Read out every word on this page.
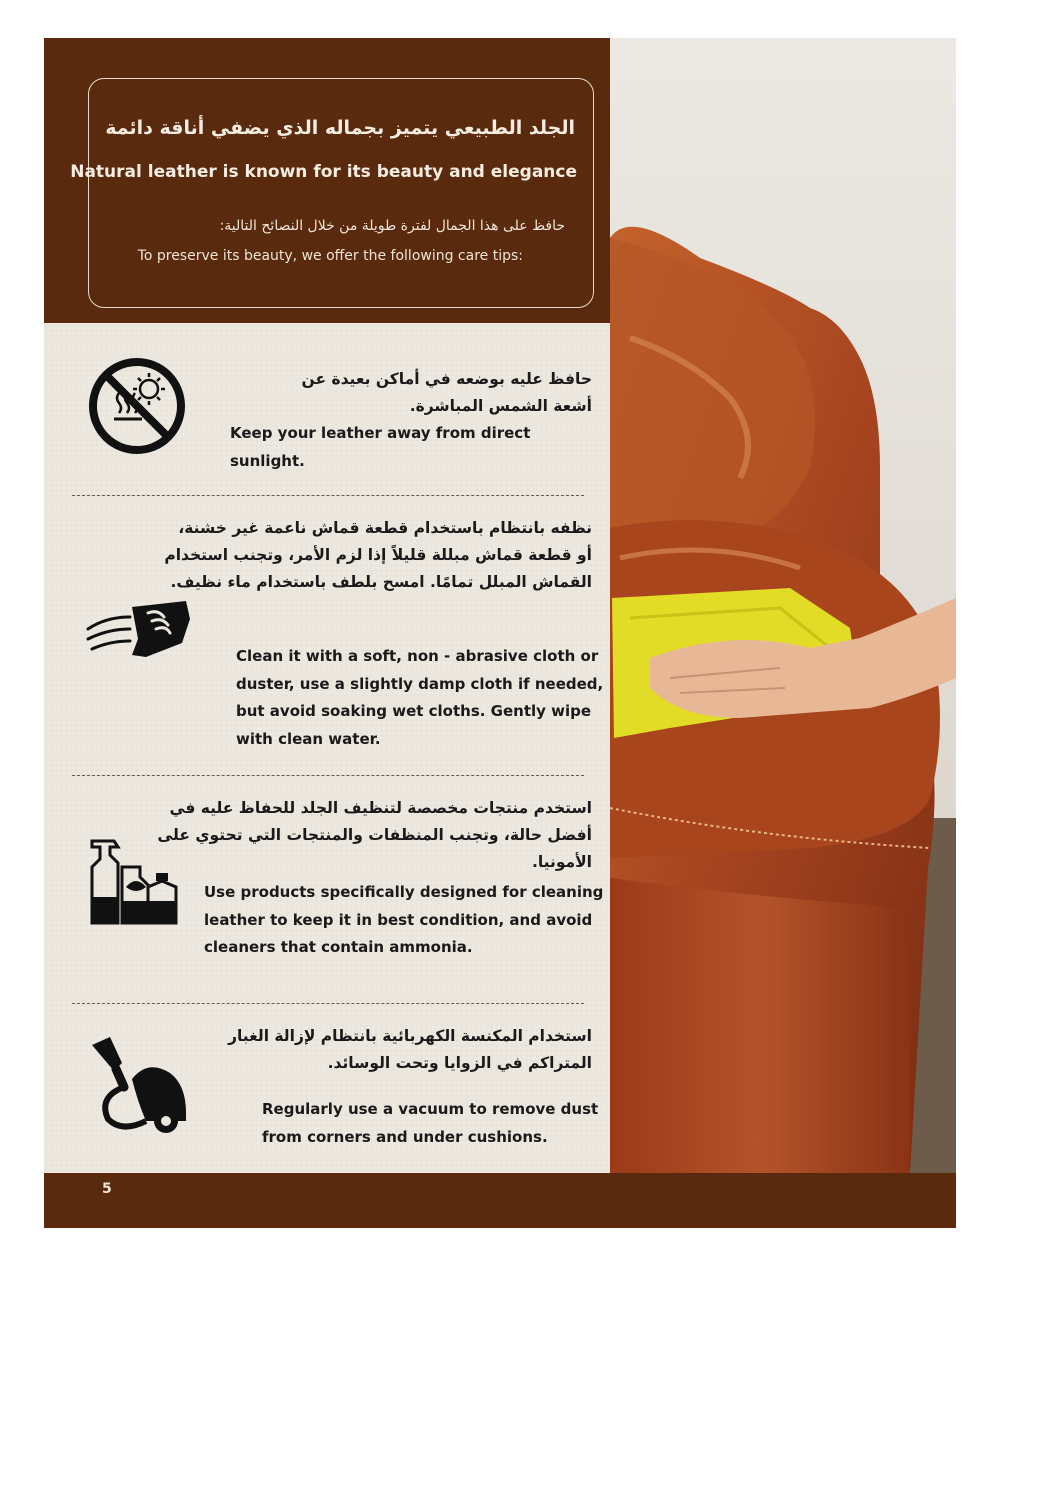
الجلد الطبيعي يتميز بجماله الذي يضفي أناقة دائمة
Natural leather is known for its beauty and elegance
حافظ على هذا الجمال لفترة طويلة من خلال النصائح التالية:
To preserve its beauty, we offer the following care tips:
حافظ عليه بوضعه في أماكن بعيدة عن
أشعة الشمس المباشرة.
Keep your leather away from direct sunlight.
نظفه بانتظام باستخدام قطعة قماش ناعمة غير خشنة،
أو قطعة قماش مبللة قليلاً إذا لزم الأمر، وتجنب استخدام
القماش المبلل تمامًا. امسح بلطف باستخدام ماء نظيف.
Clean it with a soft, non - abrasive cloth or
duster, use a slightly damp cloth if needed,
but avoid soaking wet cloths. Gently wipe
with clean water.
استخدم منتجات مخصصة لتنظيف الجلد للحفاظ عليه في
أفضل حالة، وتجنب المنظفات والمنتجات التي تحتوي على
الأمونيا.
Use products specifically designed for cleaning
leather to keep it in best condition, and avoid
cleaners that contain ammonia.
استخدام المكنسة الكهربائية بانتظام لإزالة الغبار
المتراكم في الزوايا وتحت الوسائد.
Regularly use a vacuum to remove dust
from corners and under cushions.
5
